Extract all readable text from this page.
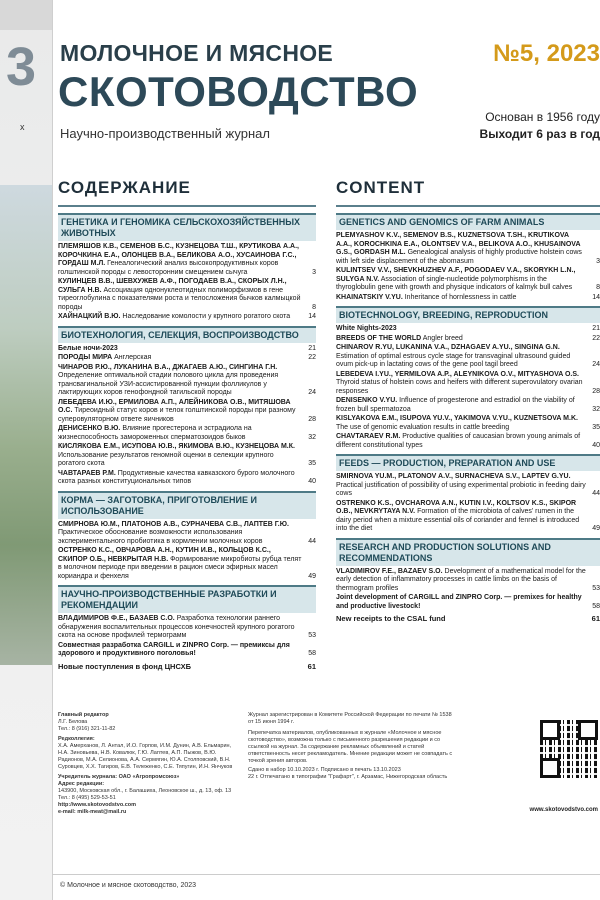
3
х
МОЛОЧНОЕ И МЯСНОЕ
СКОТОВОДСТВО
Научно-производственный журнал
№5, 2023
Основан в 1956 году
Выходит 6 раз в год
СОДЕРЖАНИЕ
ГЕНЕТИКА И ГЕНОМИКА СЕЛЬСКОХОЗЯЙСТВЕННЫХ ЖИВОТНЫХ
ПЛЕМЯШОВ К.В., СЕМЕНОВ Б.С., КУЗНЕЦОВА Т.Ш., КРУТИКОВА А.А., КОРОЧКИНА Е.А., ОЛОНЦЕВ В.А., БЕЛИКОВА А.О., ХУСАИНОВА Г.С., ГОРДАШ М.Л. Генеалогический анализ высокопродуктивных коров голштинской породы с левосторонним смещением сычуга	3
КУЛИНЦЕВ В.В., ШЕВХУЖЕВ А.Ф., ПОГОДАЕВ В.А., СКОРЫХ Л.Н., СУЛЬГА Н.В. Ассоциация однонуклеотидных полиморфизмов в гене тиреоглобулина с показателями роста и телосложения бычков калмыцкой породы	8
ХАЙНАЦКИЙ В.Ю. Наследование комолости у крупного рогатого скота	14
БИОТЕХНОЛОГИЯ, СЕЛЕКЦИЯ, ВОСПРОИЗВОДСТВО
Белые ночи-2023	21
ПОРОДЫ МИРА Англерская	22
ЧИНАРОВ Р.Ю., ЛУКАНИНА В.А., ДЖАГАЕВ А.Ю., СИНГИНА Г.Н. Определение оптимальной стадии полового цикла для проведения трансвагинальной УЗИ-ассистированной пункции фолликулов у лактирующих коров генофондной тагильской породы	24
ЛЕБЕДЕВА И.Ю., ЕРМИЛОВА А.П., АЛЕЙНИКОВА О.В., МИТЯШОВА О.С. Тиреоидный статус коров и телок голштинской породы при разному суперовуляторном ответе яичников	28
ДЕНИСЕНКО В.Ю. Влияние прогестерона и эстрадиола на жизнеспособность замороженных сперматозоидов быков	32
КИСЛЯКОВА Е.М., ИСУПОВА Ю.В., ЯКИМОВА В.Ю., КУЗНЕЦОВА М.К. Использование результатов геномной оценки в селекции крупного рогатого скота	35
ЧАВТАРАЕВ Р.М. Продуктивные качества кавказского бурого молочного скота разных конституциональных типов	40
КОРМА — ЗАГОТОВКА, ПРИГОТОВЛЕНИЕ И ИСПОЛЬЗОВАНИЕ
СМИРНОВА Ю.М., ПЛАТОНОВ А.В., СУРНАЧЕВА С.В., ЛАПТЕВ Г.Ю. Практическое обоснование возможности использования экспериментального пробиотика в кормлении молочных коров	44
ОСТРЕНКО К.С., ОВЧАРОВА А.Н., КУТИН И.В., КОЛЬЦОВ К.С., СКИПОР О.Б., НЕВКРЫТАЯ Н.В. Формирование микробиоты рубца телят в молочном периоде при введении в рацион смеси эфирных масел кориандра и фенхеля	49
НАУЧНО-ПРОИЗВОДСТВЕННЫЕ РАЗРАБОТКИ И РЕКОМЕНДАЦИИ
ВЛАДИМИРОВ Ф.Е., БАЗАЕВ С.О. Разработка технологии раннего обнаружения воспалительных процессов конечностей крупного рогатого скота на основе профилей термограмм	53
Совместная разработка CARGILL и ZINPRO Corp. — премиксы для здорового и продуктивного поголовья!	58
Новые поступления в фонд ЦНСХБ	61
CONTENT
GENETICS AND GENOMICS OF FARM ANIMALS
PLEMYASHOV K.V., SEMENOV B.S., KUZNETSOVA T.SH., KRUTIKOVA A.A., KOROCHKINA E.A., OLONTSEV V.A., BELIKOVA A.O., KHUSAINOVA G.S., GORDASH M.L. Genealogical analysis of highly productive holstein cows with left side displacement of the abomasum	3
KULINTSEV V.V., SHEVKHUZHEV A.F., POGODAEV V.A., SKORYKH L.N., SULYGA N.V. Association of single-nucleotide polymorphisms in the thyroglobulin gene with growth and physique indicators of kalmyk bull calves	8
KHAINATSKIY V.YU. Inheritance of hornlessness in cattle	14
BIOTECHNOLOGY, BREEDING, REPRODUCTION
White Nights-2023	21
BREEDS OF THE WORLD Angler breed	22
CHINAROV R.YU, LUKANINA V.A., DZHAGAEV A.YU., SINGINA G.N. Estimation of optimal estrous cycle stage for transvaginal ultrasound guided ovum pick-up in lactating cows of the gene pool tagil breed	24
LEBEDEVA I.YU., YERMILOVA A.P., ALEYNIKOVA O.V., MITYASHOVA O.S. Thyroid status of holstein cows and heifers with different superovulatory ovarian responses	28
DENISENKO V.YU. Influence of progesterone and estradiol on the viability of frozen bull spermatozoa	32
KISLYAKOVA E.M., ISUPOVA YU.V., YAKIMOVA V.YU., KUZNETSOVA M.K. The use of genomic evaluation results in cattle breeding	35
CHAVTARAEV R.M. Productive qualities of caucasian brown young animals of different constitutional types	40
FEEDS — PRODUCTION, PREPARATION AND USE
SMIRNOVA YU.M., PLATONOV A.V., SURNACHEVA S.V., LAPTEV G.YU. Practical justification of possibility of using experimental probiotic in feeding dairy cows	44
OSTRENKO K.S., OVCHAROVA A.N., KUTIN I.V., KOLTSOV K.S., SKIPOR O.B., NEVKRYTAYA N.V. Formation of the microbiota of calves' rumen in the dairy period when a mixture essential oils of coriander and fennel is introduced into the diet	49
RESEARCH AND PRODUCTION SOLUTIONS AND RECOMMENDATIONS
VLADIMIROV F.E., BAZAEV S.O. Development of a mathematical model for the early detection of inflammatory processes in cattle limbs on the basis of thermogram profiles	53
Joint development of CARGILL and ZINPRO Corp. — premixes for healthy and productive livestock!	58
New receipts to the CSAL fund	61
Главный редактор
Л.Г. Белова
Тел.: 8 (916) 321-11-82
Редколлегия:
Х.А. Амерханов, Л. Антал, И.О. Горпов, И.М. Дунин, А.В. Ельмарин, Н.А. Зиновьева, Н.В. Ковалюк, Г.Ю. Лаптев, А.П. Пыжов, В.Ю. Радионов, М.А. Селионова, А.А. Сермягин, Ю.А. Столповский, В.Н. Суровцев, Х.Х. Тагиров, Е.В. Тележенко, С.Е. Тяпугин, И.Н. Янчуков
Учредитель журнала: ОАО «Агропромсоюз»
Адрес редакции:
143900, Московская обл., г. Балашиха, Леоновское ш., д. 13, оф. 13
Тел.: 8 (495) 529-53-51
http://www.skotovodstvo.com
e-mail: milk-meat@mail.ru
Журнал зарегистрирован в Комитете Российской Федерации по печати № 1538 от 15 июня 1994 г.
Перепечатка материалов, опубликованных в журнале «Молочное и мясное скотоводство», возможна только с письменного разрешения редакции и со ссылкой на журнал. За содержание рекламных объявлений и статей ответственность несет рекламодатель. Мнение редакции может не совпадать с точкой зрения авторов.
Сдано в набор 10.10.2023 г. Подписано в печать 13.10.2023
22 г. Отпечатано в типографии "Графарт", г. Арзамас, Нижегородская область
www.skotovodstvo.com
© Молочное и мясное скотоводство, 2023
